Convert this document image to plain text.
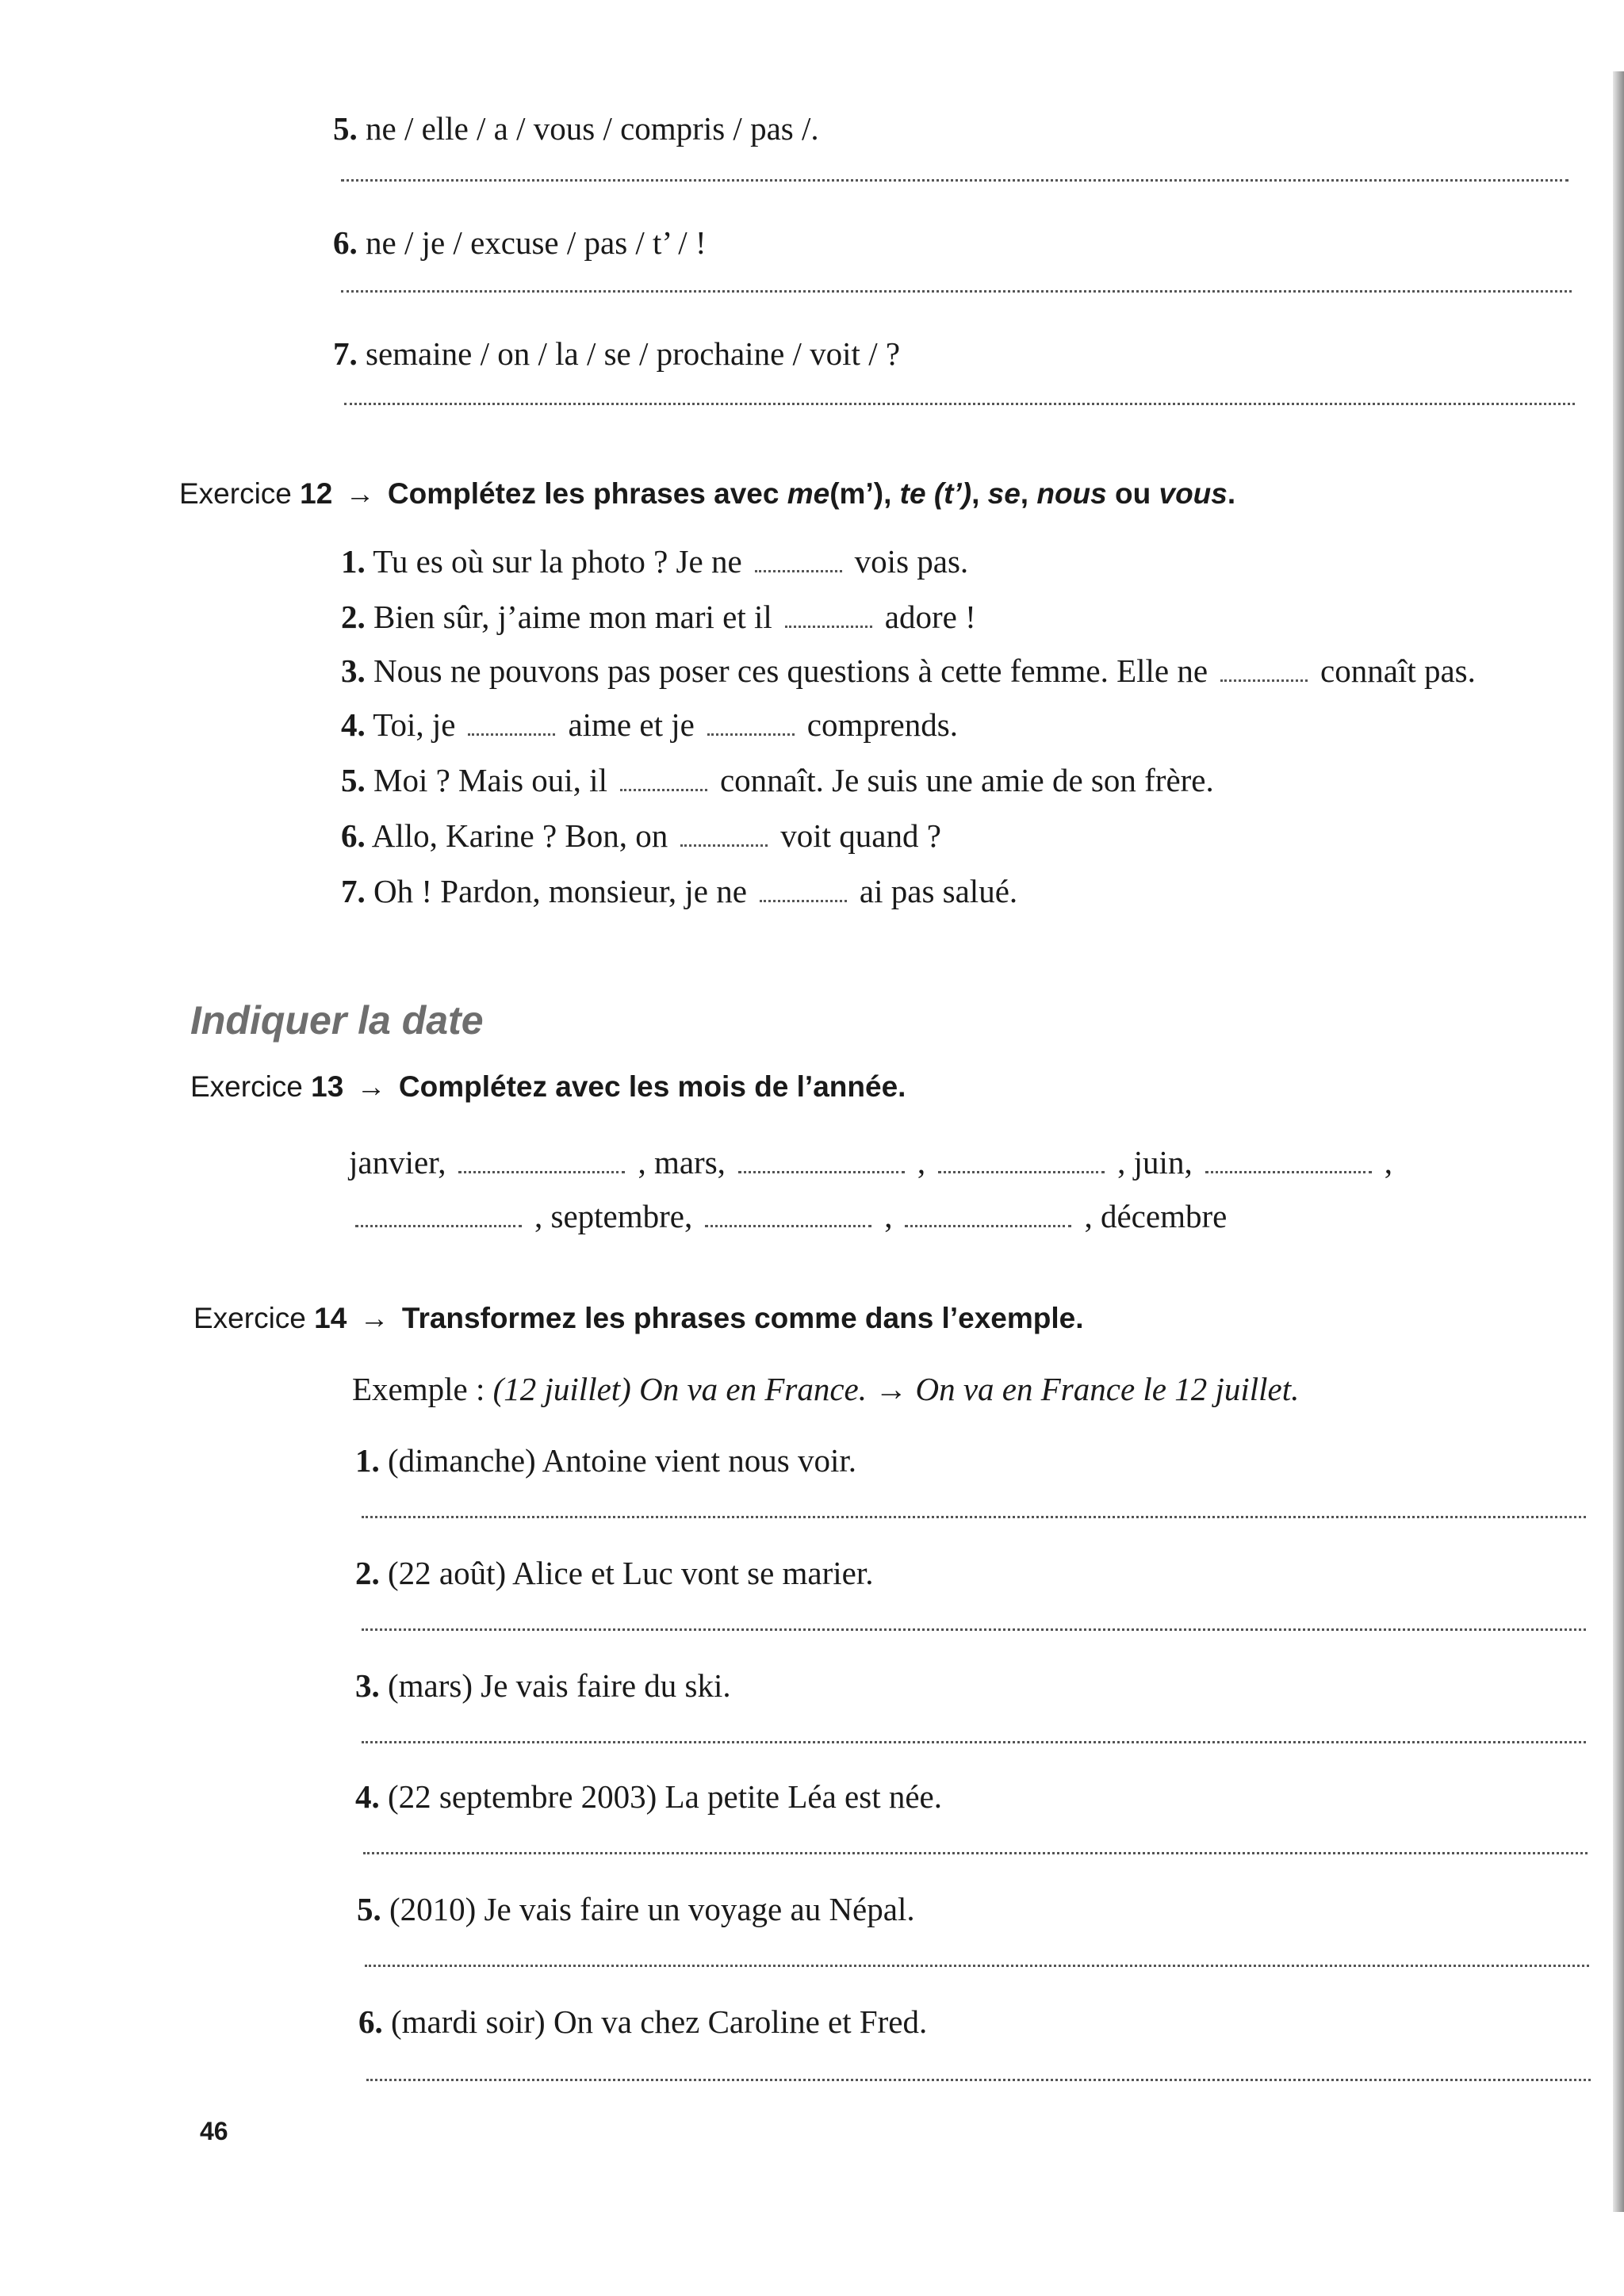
5. ne / elle / a / vous / compris / pas /.
6. ne / je / excuse / pas / t’ / !
7. semaine / on / la / se / prochaine / voit / ?
Exercice 12 → Complétez les phrases avec me(m’), te (t’), se, nous ou vous.
1. Tu es où sur la photo ? Je ne	vois pas.
2. Bien sûr, j’aime mon mari et il	adore !
3. Nous ne pouvons pas poser ces questions à cette femme. Elle ne	connaît pas.
4. Toi, je	aime et je	comprends.
5. Moi ? Mais oui, il	connaît. Je suis une amie de son frère.
6. Allo, Karine ? Bon, on	voit quand ?
7. Oh ! Pardon, monsieur, je ne	ai pas salué.
Indiquer la date
Exercice 13 → Complétez avec les mois de l’année.
janvier,	, mars,	,	, juin,	,
, septembre,	,	, décembre
Exercice 14 → Transformez les phrases comme dans l’exemple.
Exemple : (12 juillet) On va en France. → On va en France le 12 juillet.
1. (dimanche) Antoine vient nous voir.
2. (22 août) Alice et Luc vont se marier.
3. (mars) Je vais faire du ski.
4. (22 septembre 2003) La petite Léa est née.
5. (2010) Je vais faire un voyage au Népal.
6. (mardi soir) On va chez Caroline et Fred.
46
